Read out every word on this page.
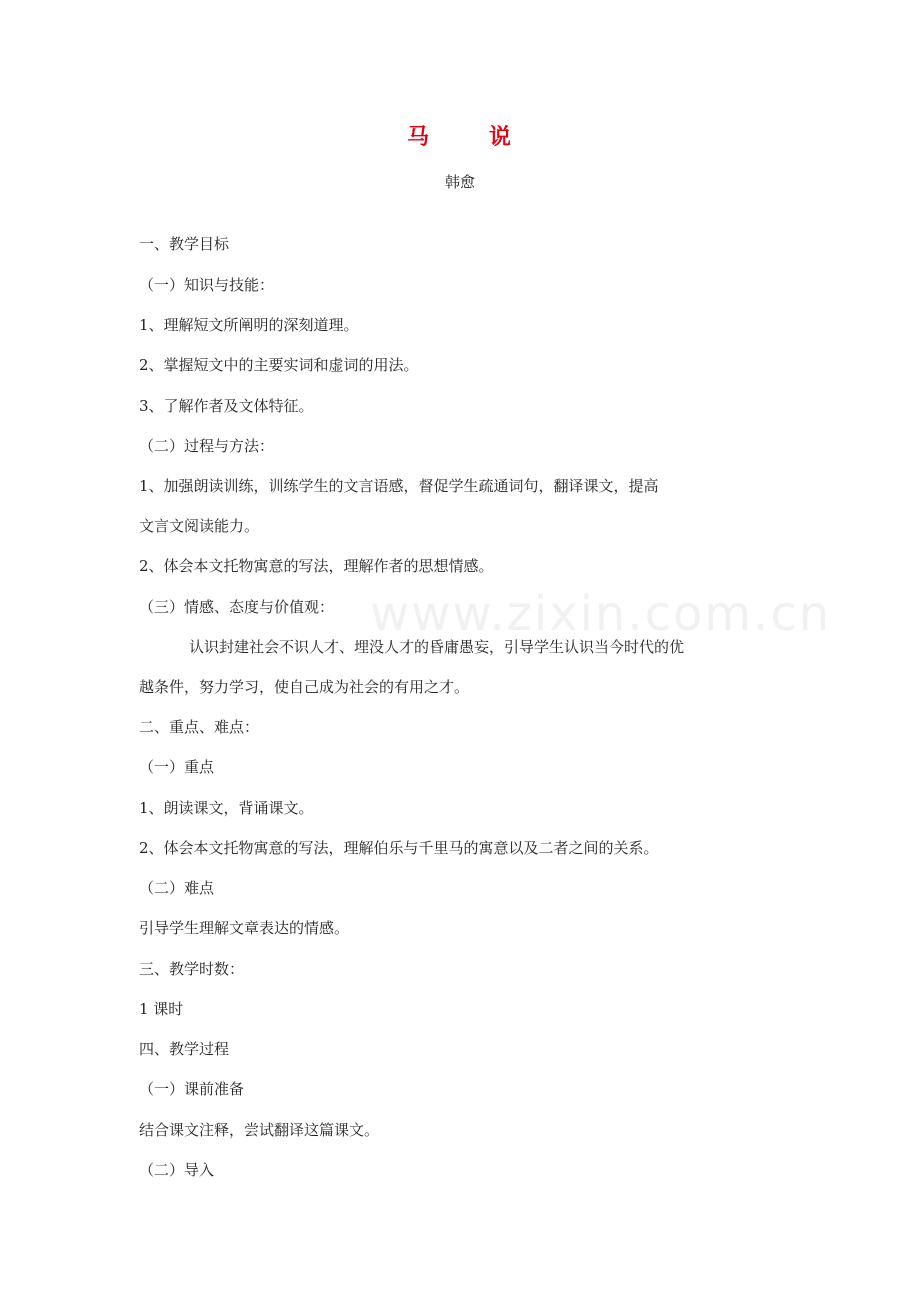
马 说
韩愈
www.zixin.com.cn
一、教学目标
（一）知识与技能：
1、理解短文所阐明的深刻道理。
2、掌握短文中的主要实词和虚词的用法。
3、了解作者及文体特征。
（二）过程与方法：
1、加强朗读训练，训练学生的文言语感，督促学生疏通词句，翻译课文，提高
文言文阅读能力。
2、体会本文托物寓意的写法，理解作者的思想情感。
（三）情感、态度与价值观：
认识封建社会不识人才、埋没人才的昏庸愚妄，引导学生认识当今时代的优
越条件，努力学习，使自己成为社会的有用之才。
二、重点、难点：
（一）重点
1、朗读课文，背诵课文。
2、体会本文托物寓意的写法，理解伯乐与千里马的寓意以及二者之间的关系。
（二）难点
引导学生理解文章表达的情感。
三、教学时数：
1 课时
四、教学过程
（一）课前准备
结合课文注释，尝试翻译这篇课文。
（二）导入
